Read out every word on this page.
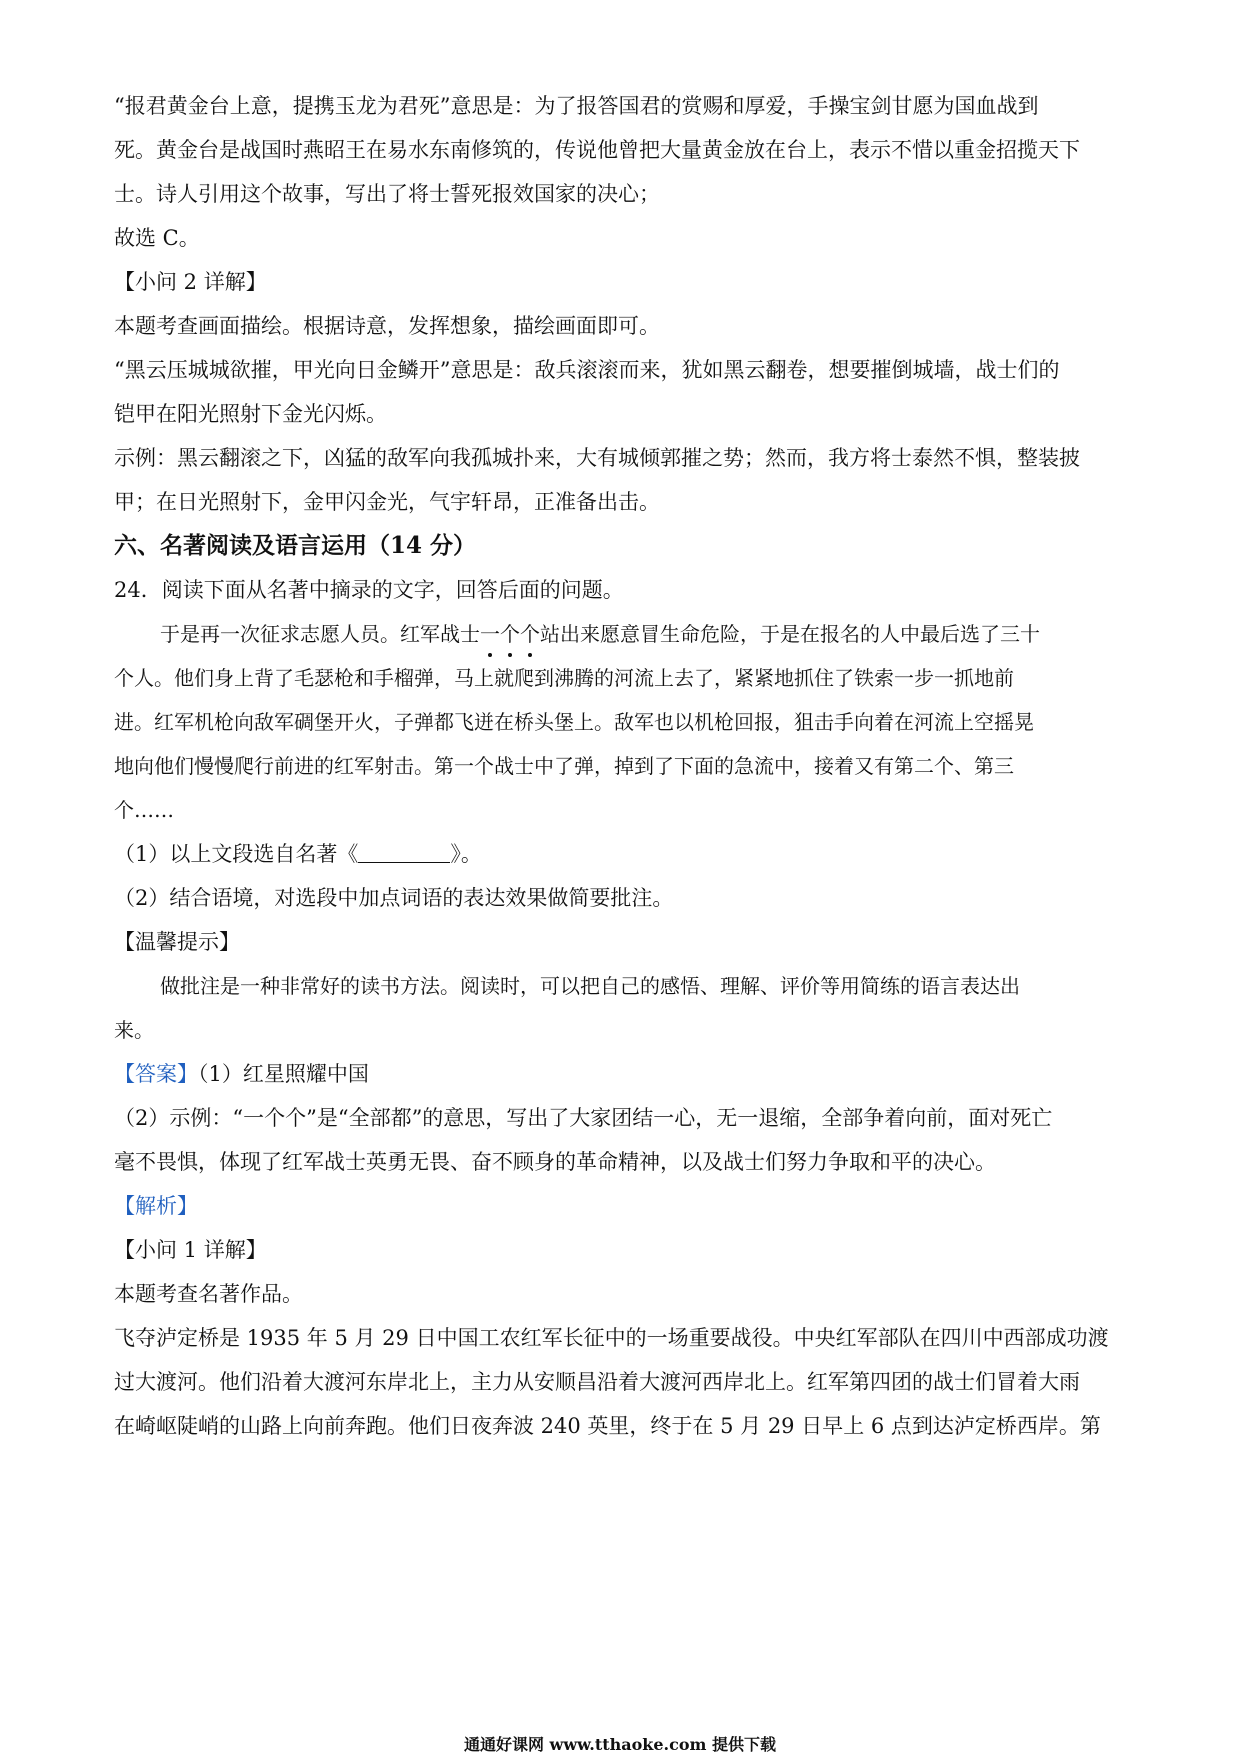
“报君黄金台上意，提携玉龙为君死”意思是：为了报答国君的赏赐和厚爱，手操宝剑甘愿为国血战到
死。黄金台是战国时燕昭王在易水东南修筑的，传说他曾把大量黄金放在台上，表示不惜以重金招揽天下
士。诗人引用这个故事，写出了将士誓死报效国家的决心；
故选 C。
【小问 2 详解】
本题考查画面描绘。根据诗意，发挥想象，描绘画面即可。
“黑云压城城欲摧，甲光向日金鳞开”意思是：敌兵滚滚而来，犹如黑云翻卷，想要摧倒城墙，战士们的
铠甲在阳光照射下金光闪烁。
示例：黑云翻滚之下，凶猛的敌军向我孤城扑来，大有城倾郭摧之势；然而，我方将士泰然不惧，整装披
甲；在日光照射下，金甲闪金光，气宇轩昂，正准备出击。
六、名著阅读及语言运用（14 分）
24．阅读下面从名著中摘录的文字，回答后面的问题。
于是再一次征求志愿人员。红军战士一个个
站出来愿意冒生命危险，于是在报名的人中最后选了三十
个人。他们身上背了毛瑟枪和手榴弹，马上就爬到沸腾的河流上去了，紧紧地抓住了铁索一步一抓地前
进。红军机枪向敌军碉堡开火，子弹都飞迸在桥头堡上。敌军也以机枪回报，狙击手向着在河流上空摇晃
地向他们慢慢爬行前进的红军射击。第一个战士中了弹，掉到了下面的急流中，接着又有第二个、第三
个……
（1）以上文段选自名著《	》。
（2）结合语境，对选段中加点词语的表达效果做简要批注。
【温馨提示】
做批注是一种非常好的读书方法。阅读时，可以把自己的感悟、理解、评价等用简练的语言表达出
来。
【答案】（1）红星照耀中国
（2）示例：“一个个”是“全部都”的意思，写出了大家团结一心，无一退缩，全部争着向前，面对死亡
毫不畏惧，体现了红军战士英勇无畏、奋不顾身的革命精神，以及战士们努力争取和平的决心。
【解析】
【小问 1 详解】
本题考查名著作品。
飞夺泸定桥是 1935 年 5 月 29 日中国工农红军长征中的一场重要战役。中央红军部队在四川中西部成功渡
过大渡河。他们沿着大渡河东岸北上，主力从安顺昌沿着大渡河西岸北上。红军第四团的战士们冒着大雨
在崎岖陡峭的山路上向前奔跑。他们日夜奔波 240 英里，终于在 5 月 29 日早上 6 点到达泸定桥西岸。第
通通好课网 www.tthaoke.com 提供下载
